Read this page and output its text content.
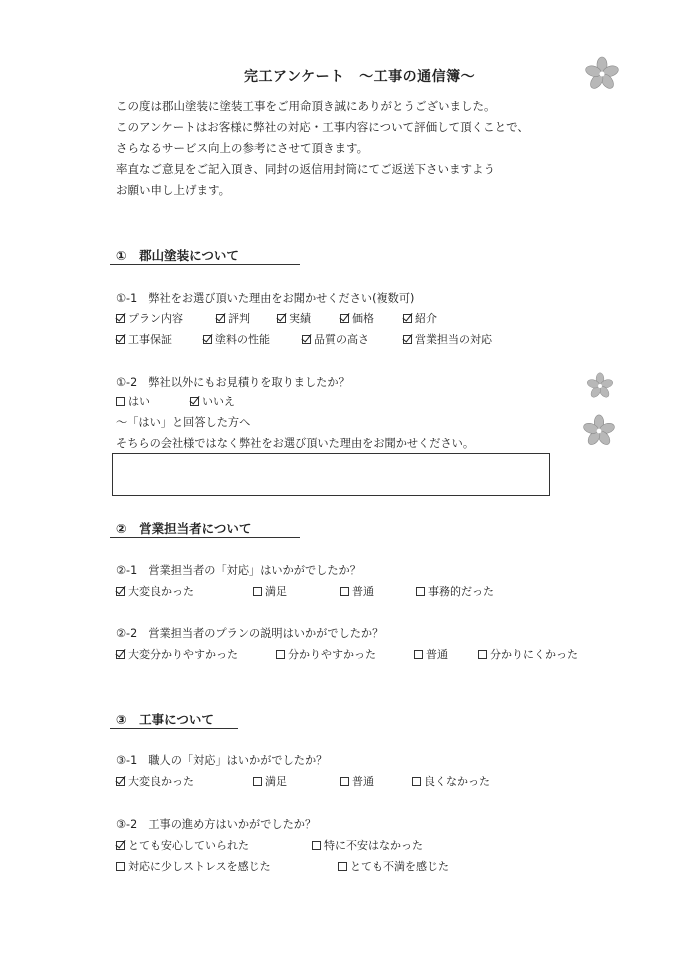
完工アンケート　～工事の通信簿～
この度は郡山塗装に塗装工事をご用命頂き誠にありがとうございました。
このアンケートはお客様に弊社の対応・工事内容について評価して頂くことで、
さらなるサービス向上の参考にさせて頂きます。
率直なご意見をご記入頂き、同封の返信用封筒にてご返送下さいますよう
お願い申し上げます。
①　郡山塗装について
①-1　弊社をお選び頂いた理由をお聞かせください(複数可)
プラン内容	評判	実績	価格	紹介
工事保証	塗料の性能	品質の高さ	営業担当の対応
①-2　弊社以外にもお見積りを取りましたか？
はい	いいえ
～「はい」と回答した方へ
そちらの会社様ではなく弊社をお選び頂いた理由をお聞かせください。
②　営業担当者について
②-1　営業担当者の「対応」はいかがでしたか？
大変良かった	満足	普通	事務的だった
②-2　営業担当者のプランの説明はいかがでしたか？
大変分かりやすかった	分かりやすかった	普通	分かりにくかった
③　工事について
③-1　職人の「対応」はいかがでしたか？
大変良かった	満足	普通	良くなかった
③-2　工事の進め方はいかがでしたか？
とても安心していられた	特に不安はなかった
対応に少しストレスを感じた	とても不満を感じた
